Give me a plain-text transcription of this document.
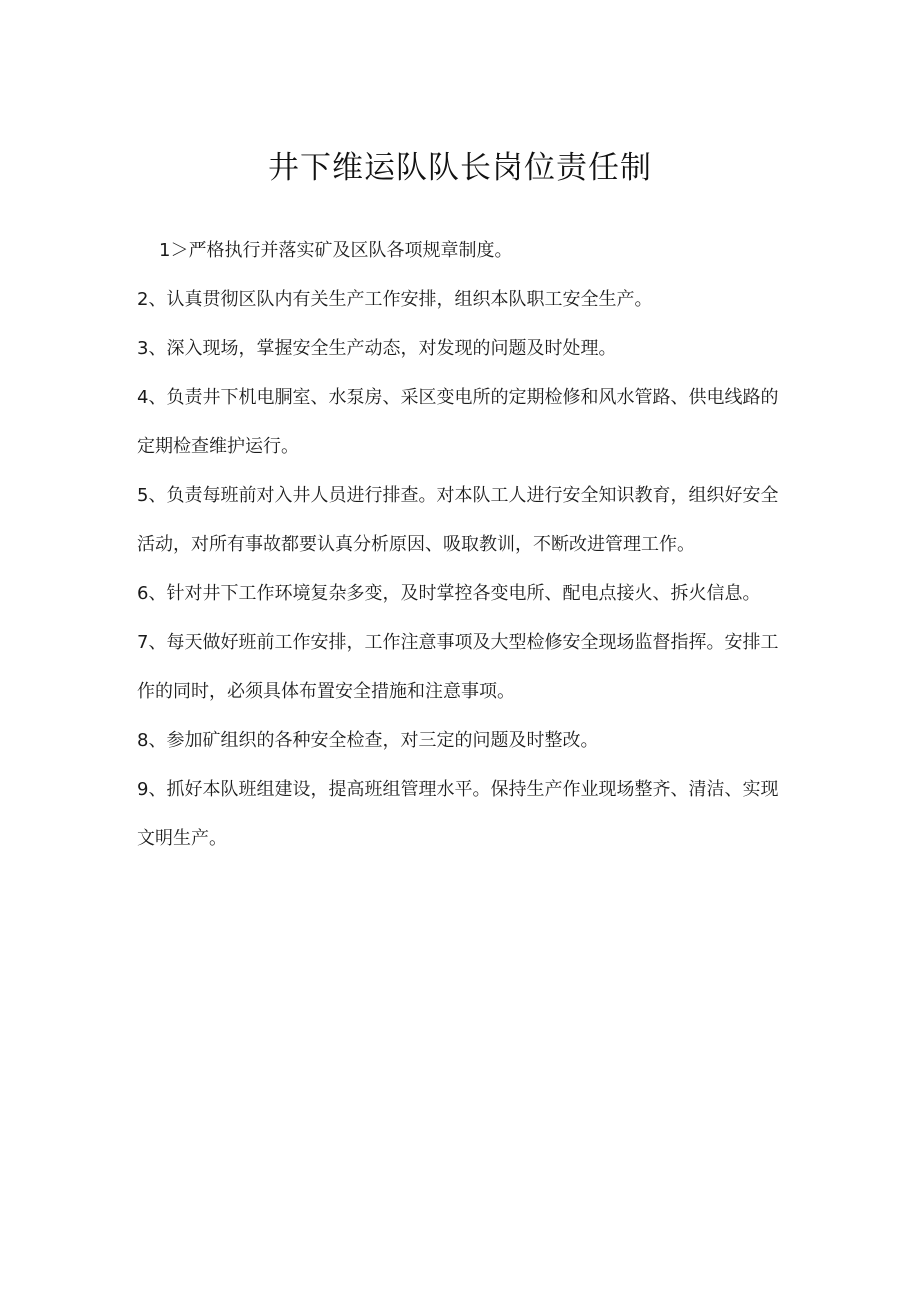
井下维运队队长岗位责任制

1＞严格执行并落实矿及区队各项规章制度。

2、认真贯彻区队内有关生产工作安排，组织本队职工安全生产。

3、深入现场，掌握安全生产动态，对发现的问题及时处理。

4、负责井下机电胴室、水泵房、采区变电所的定期检修和风水管路、供电线路的定期检查维护运行。

5、负责每班前对入井人员进行排查。对本队工人进行安全知识教育，组织好安全活动，对所有事故都要认真分析原因、吸取教训，不断改进管理工作。

6、针对井下工作环境复杂多变，及时掌控各变电所、配电点接火、拆火信息。

7、每天做好班前工作安排，工作注意事项及大型检修安全现场监督指挥。安排工作的同时，必须具体布置安全措施和注意事项。

8、参加矿组织的各种安全检查，对三定的问题及时整改。

9、抓好本队班组建设，提高班组管理水平。保持生产作业现场整齐、清洁、实现文明生产。
